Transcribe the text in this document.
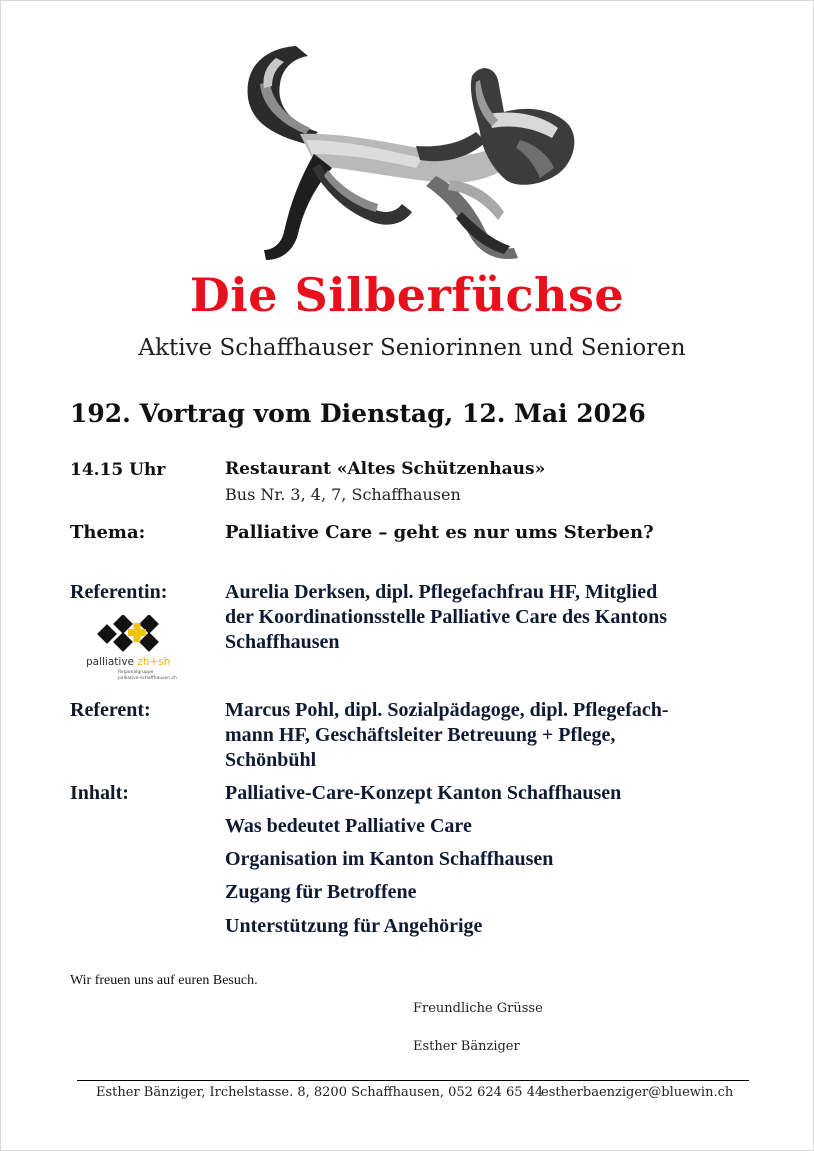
Die Silberfüchse
Aktive Schaffhauser Seniorinnen und Senioren
192. Vortrag vom Dienstag, 12. Mai 2026
14.15 Uhr	Restaurant «Altes Schützenhaus»
Bus Nr. 3, 4, 7, Schaffhausen
Thema:	Palliative Care – geht es nur ums Sterben?
Referentin:	Aurelia Derksen, dipl. Pflegefachfrau HF, Mitglied
der Koordinationsstelle Palliative Care des Kantons
Schaffhausen
palliative zh+sh
Regionalgruppe
palliative-schaffhausen.ch
Referent:	Marcus Pohl, dipl. Sozialpädagoge, dipl. Pflegefach-
mann HF, Geschäftsleiter Betreuung + Pflege,
Schönbühl
Inhalt:	Palliative-Care-Konzept Kanton Schaffhausen
Was bedeutet Palliative Care
Organisation im Kanton Schaffhausen
Zugang für Betroffene
Unterstützung für Angehörige
Wir freuen uns auf euren Besuch.
Freundliche Grüsse
Esther Bänziger
Esther Bänziger, Irchelstasse. 8, 8200 Schaffhausen, 052 624 65 44
estherbaenziger@bluewin.ch
